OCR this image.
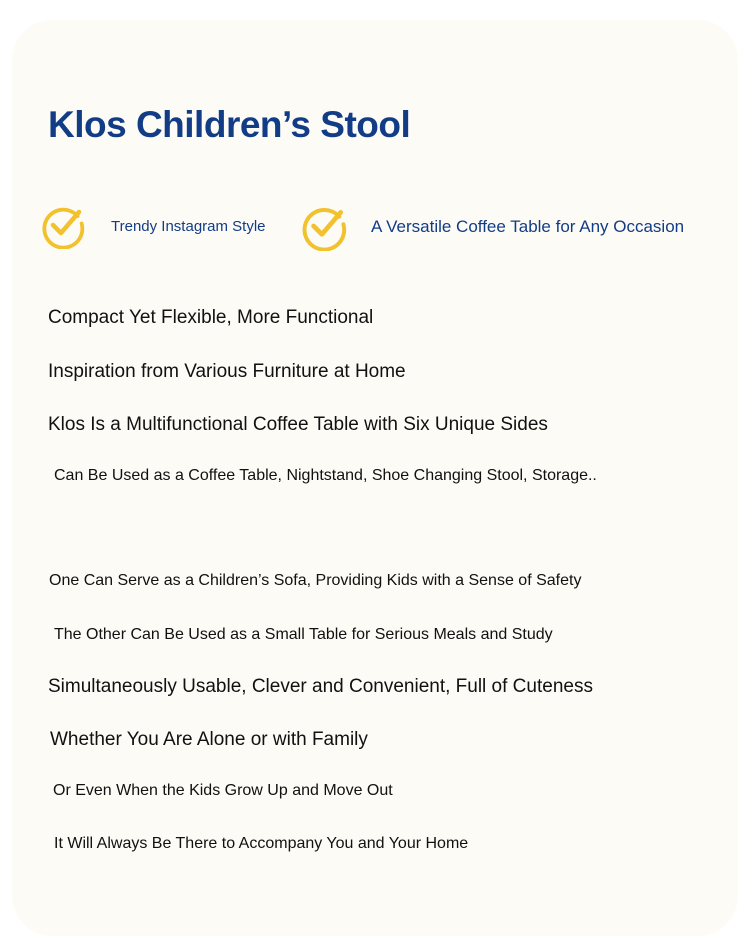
Klos Children’s Stool
Trendy Instagram Style	A Versatile Coffee Table for Any Occasion

Compact Yet Flexible, More Functional

Inspiration from Various Furniture at Home

Klos Is a Multifunctional Coffee Table with Six Unique Sides

Can Be Used as a Coffee Table, Nightstand, Shoe Changing Stool, Storage..

One Can Serve as a Children’s Sofa, Providing Kids with a Sense of Safety

The Other Can Be Used as a Small Table for Serious Meals and Study

Simultaneously Usable, Clever and Convenient, Full of Cuteness

Whether You Are Alone or with Family

Or Even When the Kids Grow Up and Move Out

It Will Always Be There to Accompany You and Your Home
